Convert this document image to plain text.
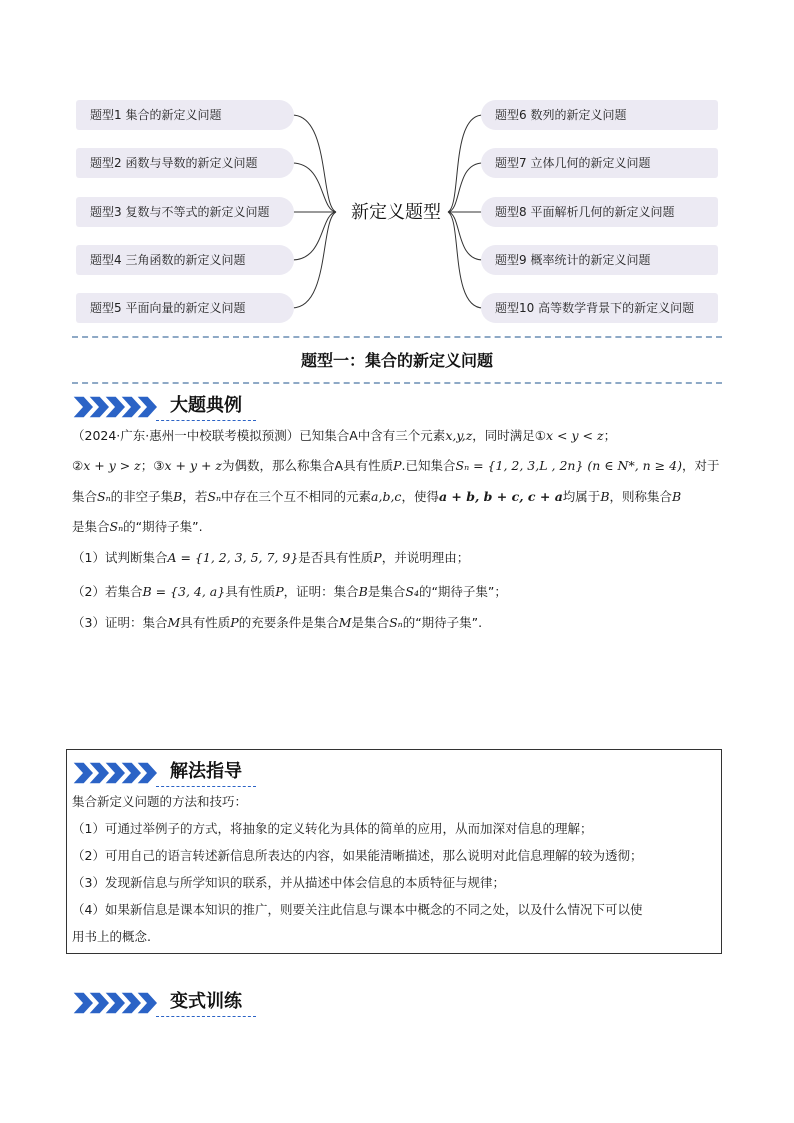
题型1 集合的新定义问题
题型2 函数与导数的新定义问题
题型3 复数与不等式的新定义问题
题型4 三角函数的新定义问题
题型5 平面向量的新定义问题
题型6 数列的新定义问题
题型7 立体几何的新定义问题
题型8 平面解析几何的新定义问题
题型9 概率统计的新定义问题
题型10 高等数学背景下的新定义问题
新定义题型
题型一：集合的新定义问题
大题典例
（2024·广东·惠州一中校联考模拟预测）已知集合A中含有三个元素x,y,z，同时满足①x < y < z；
②x + y > z；③x + y + z为偶数，那么称集合A具有性质P.已知集合Sₙ = {1, 2, 3,L , 2n} (n ∈ N*, n ≥ 4)，对于
集合Sₙ的非空子集B，若Sₙ中存在三个互不相同的元素a,b,c，使得a + b, b + c, c + a均属于B，则称集合B
是集合Sₙ的“期待子集”.
（1）试判断集合A = {1, 2, 3, 5, 7, 9}是否具有性质P，并说明理由；
（2）若集合B = {3, 4, a}具有性质P，证明：集合B是集合S₄的“期待子集”；
（3）证明：集合M具有性质P的充要条件是集合M是集合Sₙ的“期待子集”.
解法指导
集合新定义问题的方法和技巧：
（1）可通过举例子的方式，将抽象的定义转化为具体的简单的应用，从而加深对信息的理解；
（2）可用自己的语言转述新信息所表达的内容，如果能清晰描述，那么说明对此信息理解的较为透彻；
（3）发现新信息与所学知识的联系，并从描述中体会信息的本质特征与规律；
（4）如果新信息是课本知识的推广，则要关注此信息与课本中概念的不同之处，以及什么情况下可以使
用书上的概念.
变式训练
